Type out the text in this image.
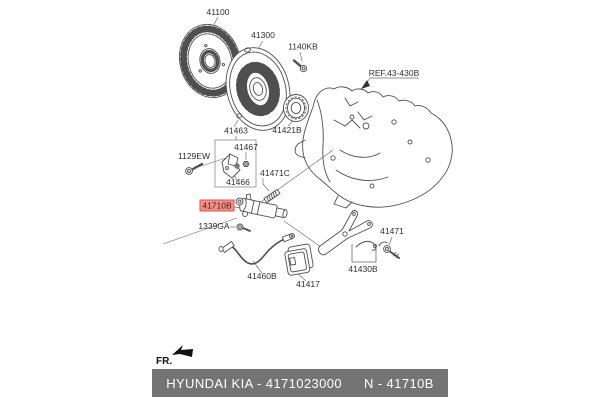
41100
41300
1140KB
REF.43-430B
41463	41421B
1129EW
41467
41466
41471C
1339GA
41460B
41417
41430B
41471
41710B
FR.
HYUNDAI KIA - 4171023000 N - 41710B
